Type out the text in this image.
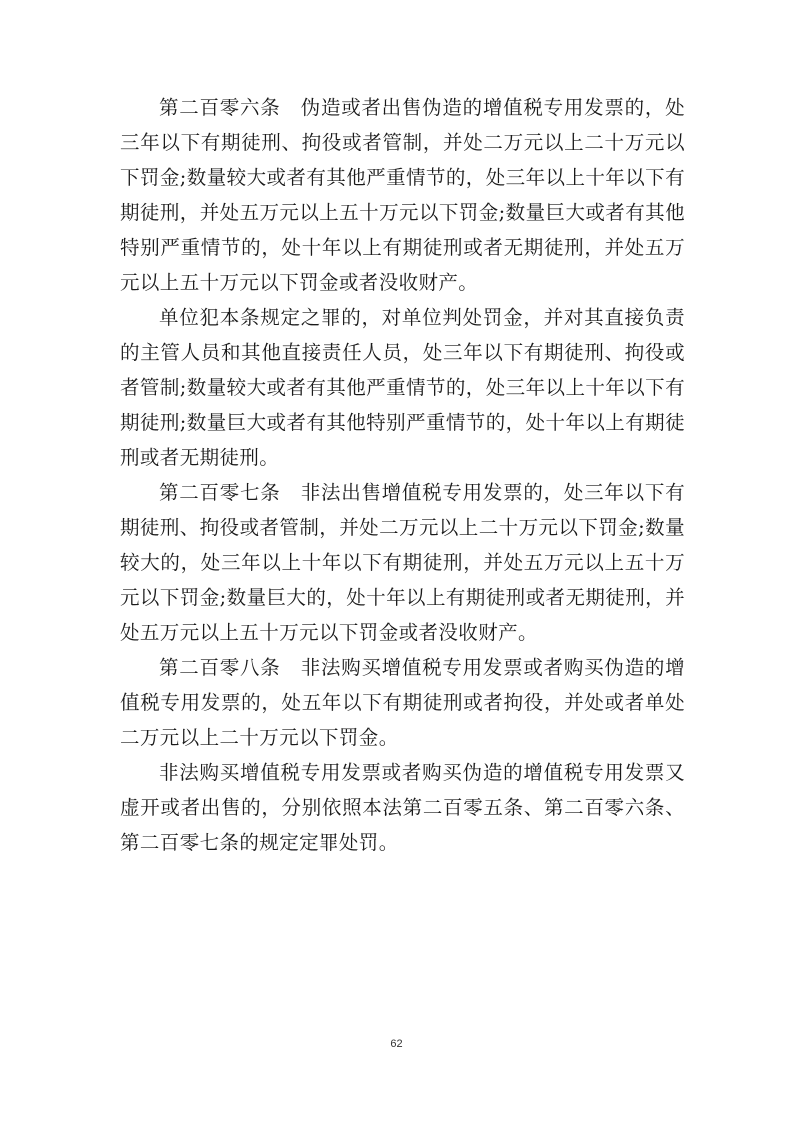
第二百零六条　伪造或者出售伪造的增值税专用发票的，处三年以下有期徒刑、拘役或者管制，并处二万元以上二十万元以下罚金;数量较大或者有其他严重情节的，处三年以上十年以下有期徒刑，并处五万元以上五十万元以下罚金;数量巨大或者有其他特别严重情节的，处十年以上有期徒刑或者无期徒刑，并处五万元以上五十万元以下罚金或者没收财产。

单位犯本条规定之罪的，对单位判处罚金，并对其直接负责的主管人员和其他直接责任人员，处三年以下有期徒刑、拘役或者管制;数量较大或者有其他严重情节的，处三年以上十年以下有期徒刑;数量巨大或者有其他特别严重情节的，处十年以上有期徒刑或者无期徒刑。

第二百零七条　非法出售增值税专用发票的，处三年以下有期徒刑、拘役或者管制，并处二万元以上二十万元以下罚金;数量较大的，处三年以上十年以下有期徒刑，并处五万元以上五十万元以下罚金;数量巨大的，处十年以上有期徒刑或者无期徒刑，并处五万元以上五十万元以下罚金或者没收财产。

第二百零八条　非法购买增值税专用发票或者购买伪造的增值税专用发票的，处五年以下有期徒刑或者拘役，并处或者单处二万元以上二十万元以下罚金。

非法购买增值税专用发票或者购买伪造的增值税专用发票又虚开或者出售的，分别依照本法第二百零五条、第二百零六条、第二百零七条的规定定罪处罚。

62
